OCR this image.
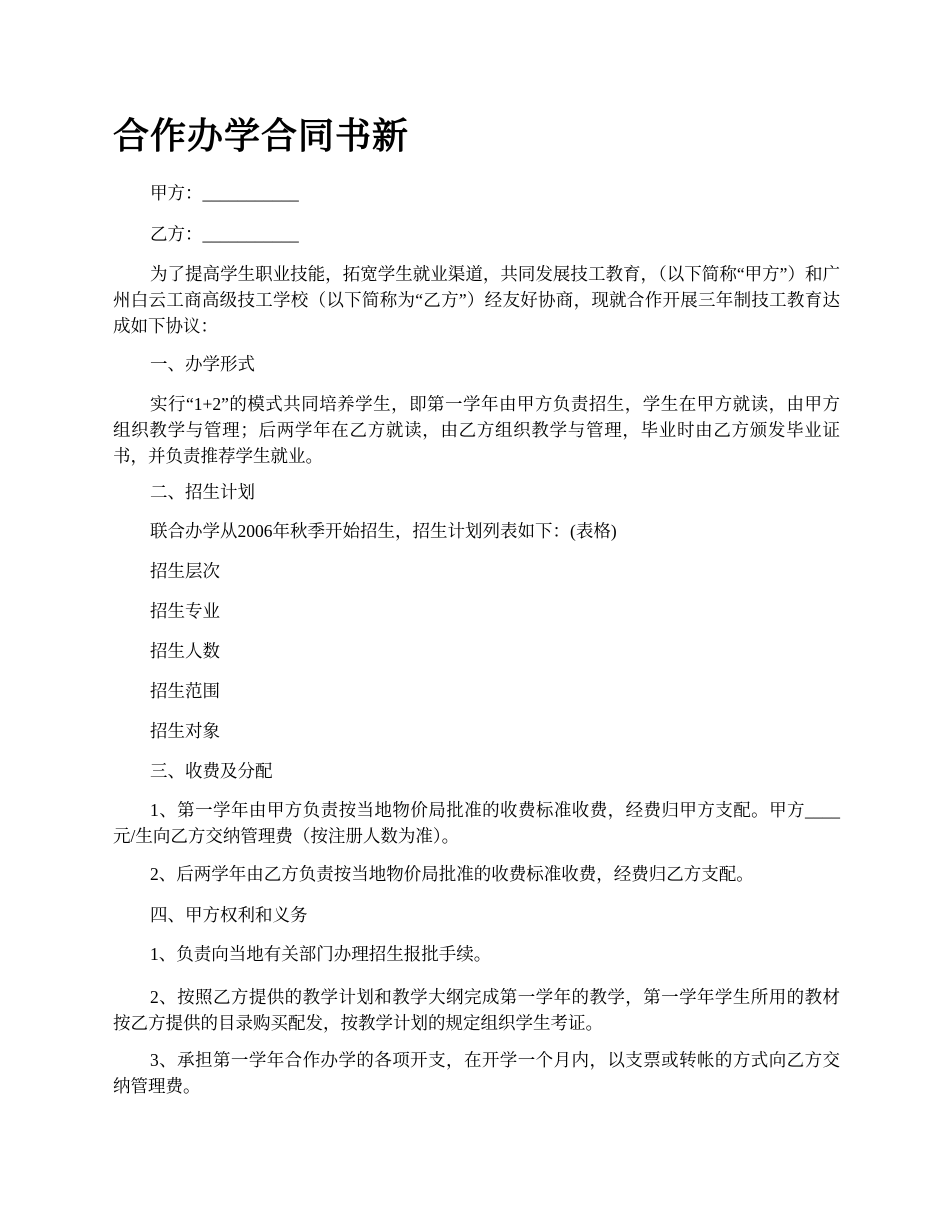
合作办学合同书新

甲方：___________

乙方：___________

为了提高学生职业技能，拓宽学生就业渠道，共同发展技工教育，（以下简称“甲方”）和广州白云工商高级技工学校（以下简称为“乙方”）经友好协商，现就合作开展三年制技工教育达成如下协议：

一、办学形式

实行“1+2”的模式共同培养学生，即第一学年由甲方负责招生，学生在甲方就读，由甲方组织教学与管理；后两学年在乙方就读，由乙方组织教学与管理，毕业时由乙方颁发毕业证书，并负责推荐学生就业。

二、招生计划

联合办学从2006年秋季开始招生，招生计划列表如下：(表格)

招生层次

招生专业

招生人数

招生范围

招生对象

三、收费及分配

1、第一学年由甲方负责按当地物价局批准的收费标准收费，经费归甲方支配。甲方____元/生向乙方交纳管理费（按注册人数为准）。

2、后两学年由乙方负责按当地物价局批准的收费标准收费，经费归乙方支配。

四、甲方权利和义务

1、负责向当地有关部门办理招生报批手续。

2、按照乙方提供的教学计划和教学大纲完成第一学年的教学，第一学年学生所用的教材按乙方提供的目录购买配发，按教学计划的规定组织学生考证。

3、承担第一学年合作办学的各项开支，在开学一个月内，以支票或转帐的方式向乙方交纳管理费。
